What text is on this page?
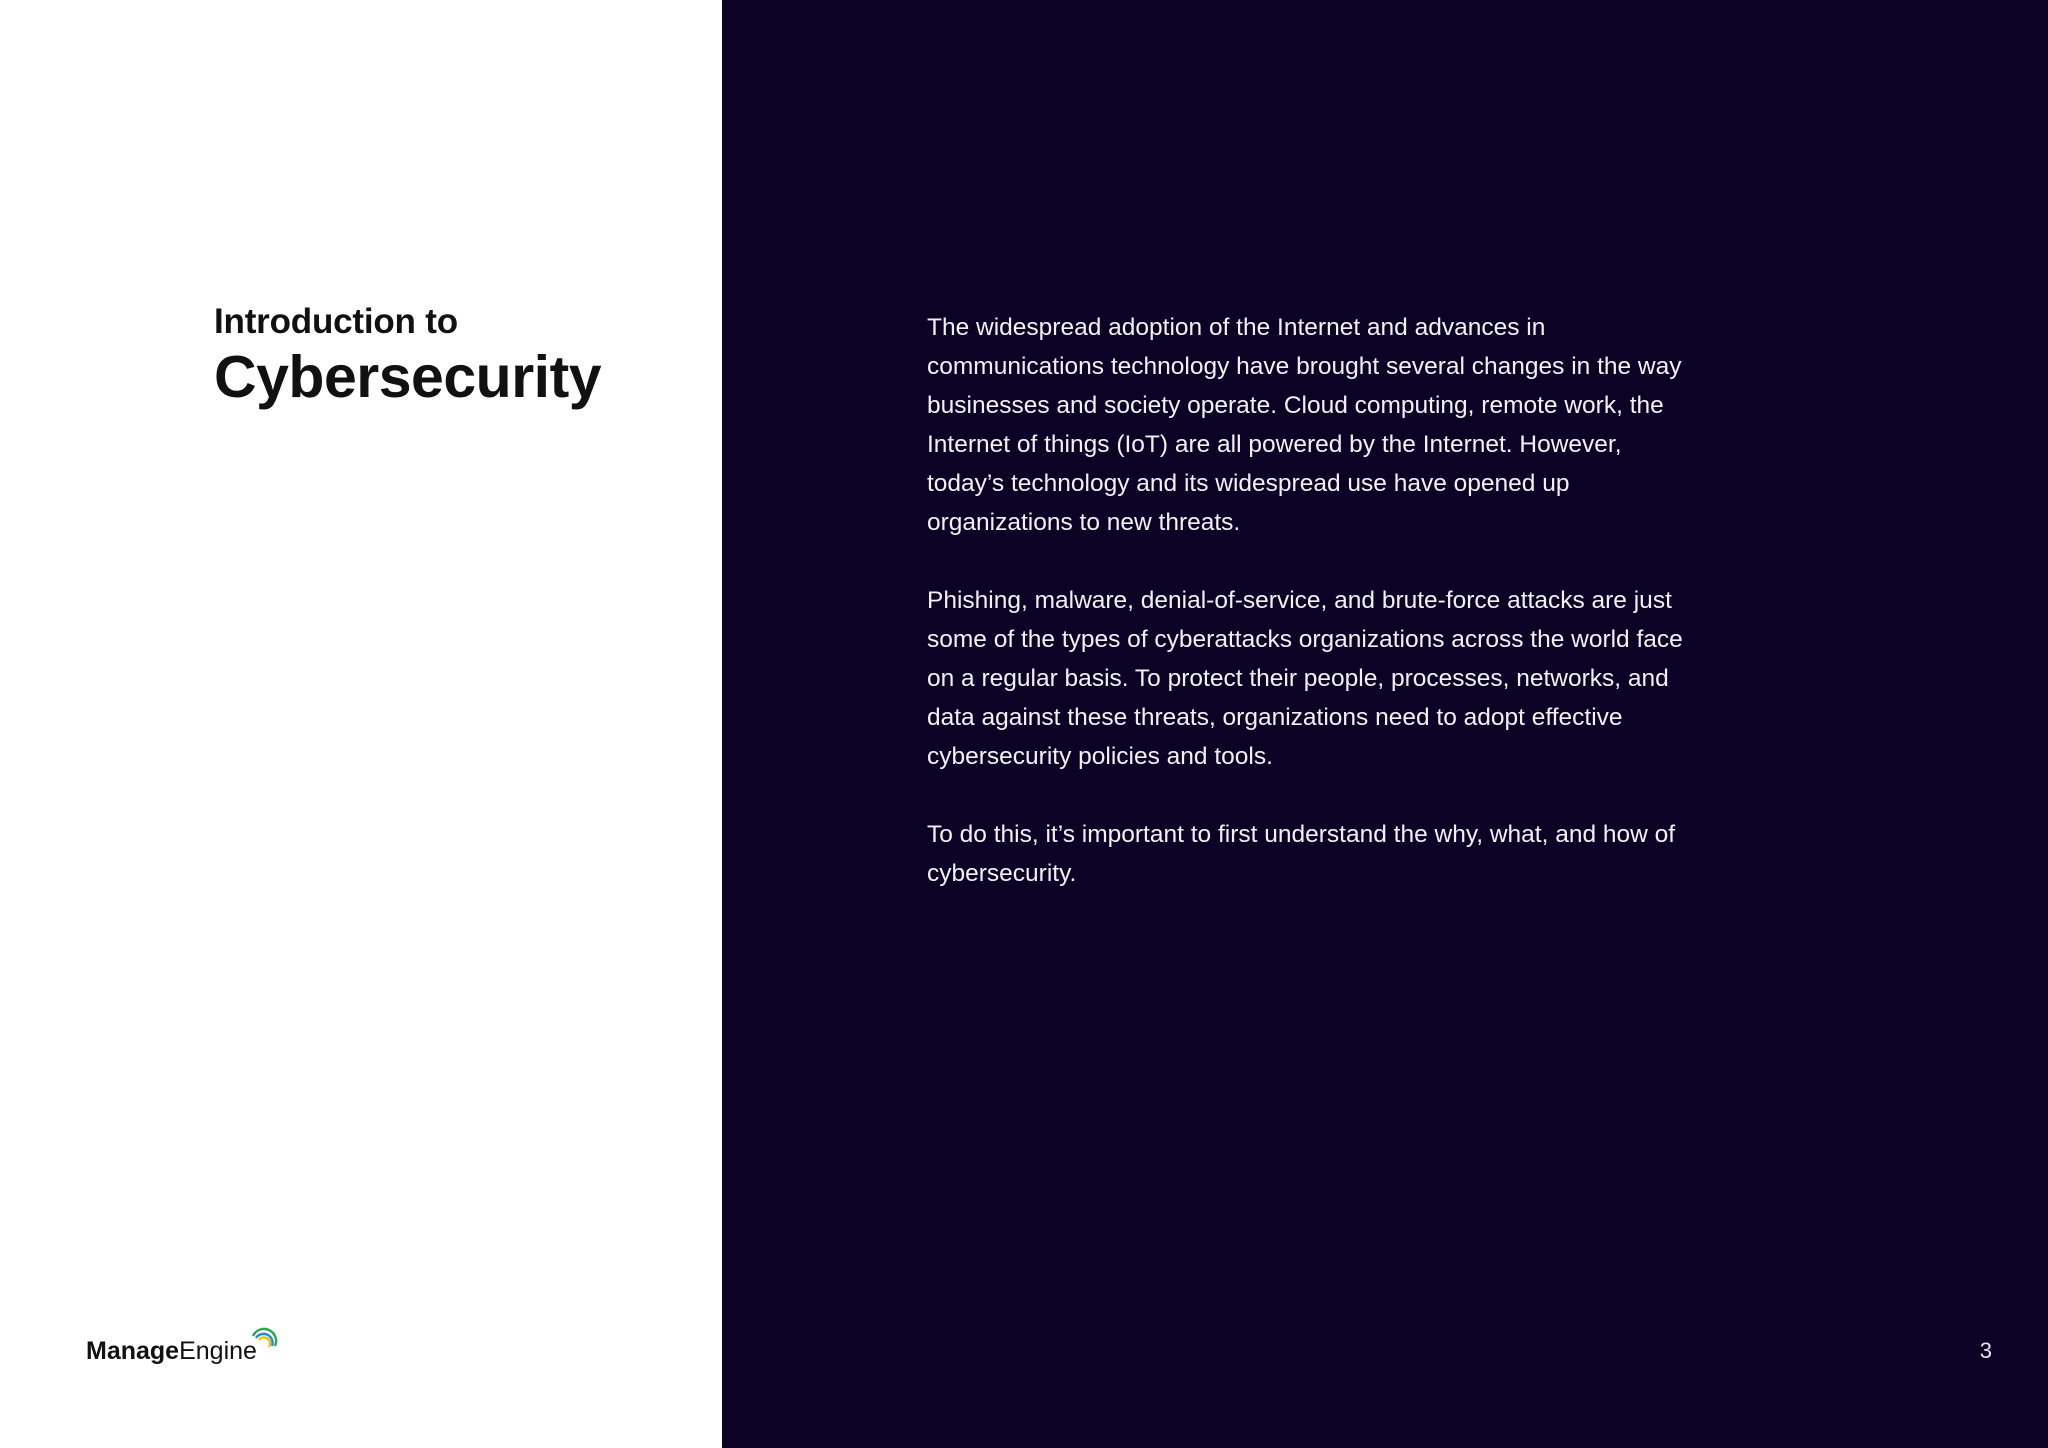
Introduction to
Cybersecurity
Manage Engine

The widespread adoption of the Internet and advances in communications technology have brought several changes in the way businesses and society operate. Cloud computing, remote work, the Internet of things (IoT) are all powered by the Internet. However, today’s technology and its widespread use have opened up organizations to new threats.

Phishing, malware, denial-of-service, and brute-force attacks are just some of the types of cyberattacks organizations across the world face on a regular basis. To protect their people, processes, networks, and data against these threats, organizations need to adopt effective cybersecurity policies and tools.

To do this, it’s important to first understand the why, what, and how of cybersecurity.

3
